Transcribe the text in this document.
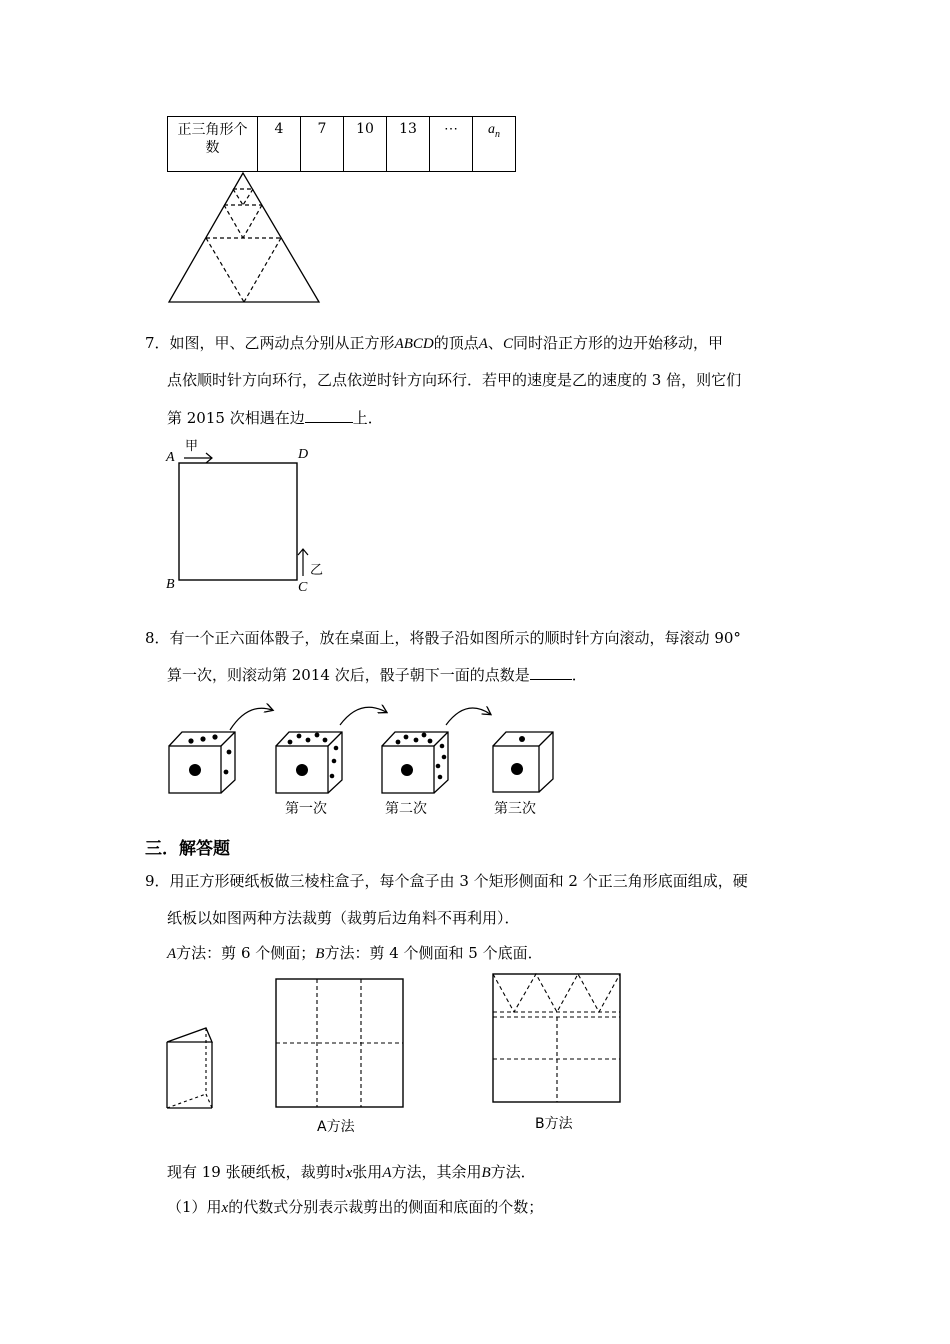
正三角形个
数	4	7	10	13	⋯	$a_n$
7．如图，甲、乙两动点分别从正方形ABCD的顶点A、C同时沿正方形的边开始移动，甲
点依顺时针方向环行，乙点依逆时针方向环行．若甲的速度是乙的速度的 3 倍，则它们
第 2015 次相遇在边	上．
A	D
B	C
甲
乙
8．有一个正六面体骰子，放在桌面上，将骰子沿如图所示的顺时针方向滚动，每滚动 90°
算一次，则滚动第 2014 次后，骰子朝下一面的点数是	．
第一次	第二次	第三次
三．解答题
9．用正方形硬纸板做三棱柱盒子，每个盒子由 3 个矩形侧面和 2 个正三角形底面组成，硬
纸板以如图两种方法裁剪（裁剪后边角料不再利用）．
A方法：剪 6 个侧面；B方法：剪 4 个侧面和 5 个底面．
A方法	B方法
现有 19 张硬纸板，裁剪时x张用A方法，其余用B方法．
（1）用x的代数式分别表示裁剪出的侧面和底面的个数；
